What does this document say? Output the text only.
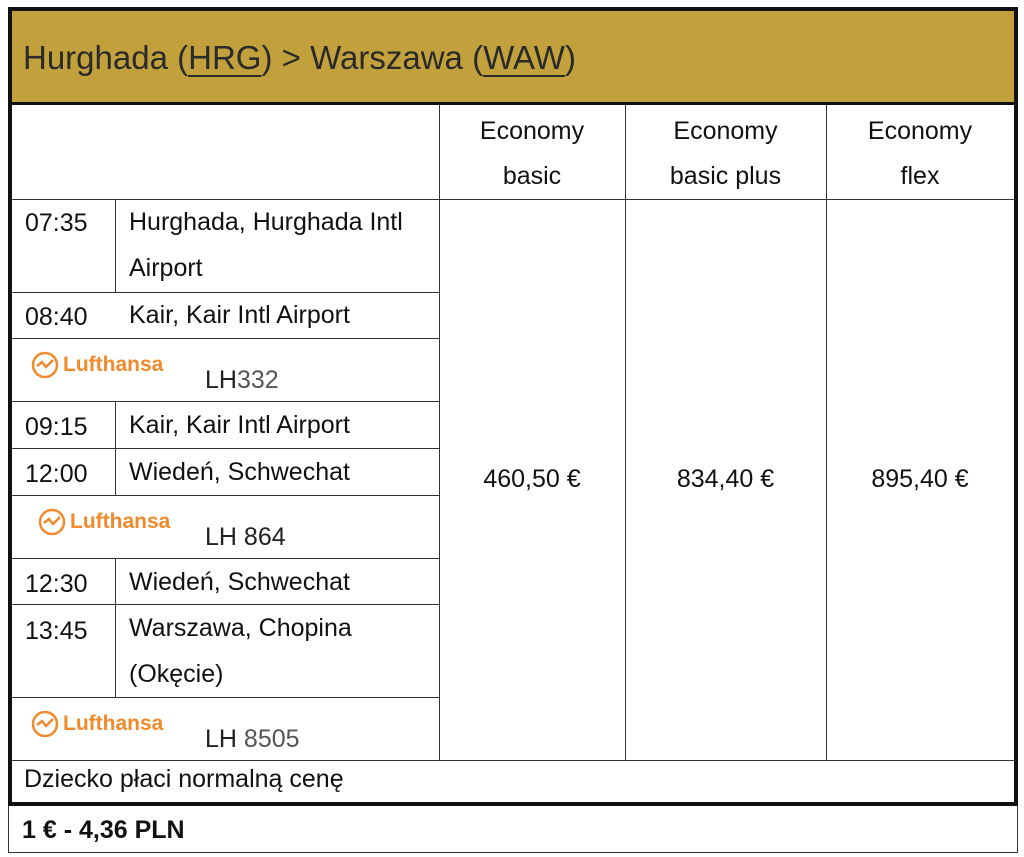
Hurghada (HRG) > Warszawa (WAW)
Economy
basic
Economy
basic plus
Economy
flex
07:35 Hurghada, Hurghada Intl Airport
08:40 Kair, Kair Intl Airport
Lufthansa
LH332
09:15 Kair, Kair Intl Airport
12:00 Wiedeń, Schwechat
Lufthansa
LH 864
12:30 Wiedeń, Schwechat
13:45 Warszawa, Chopina (Okęcie)
Lufthansa
LH 8505
460,50 €	834,40 €	895,40 €
Dziecko płaci normalną cenę
1 € - 4,36 PLN
